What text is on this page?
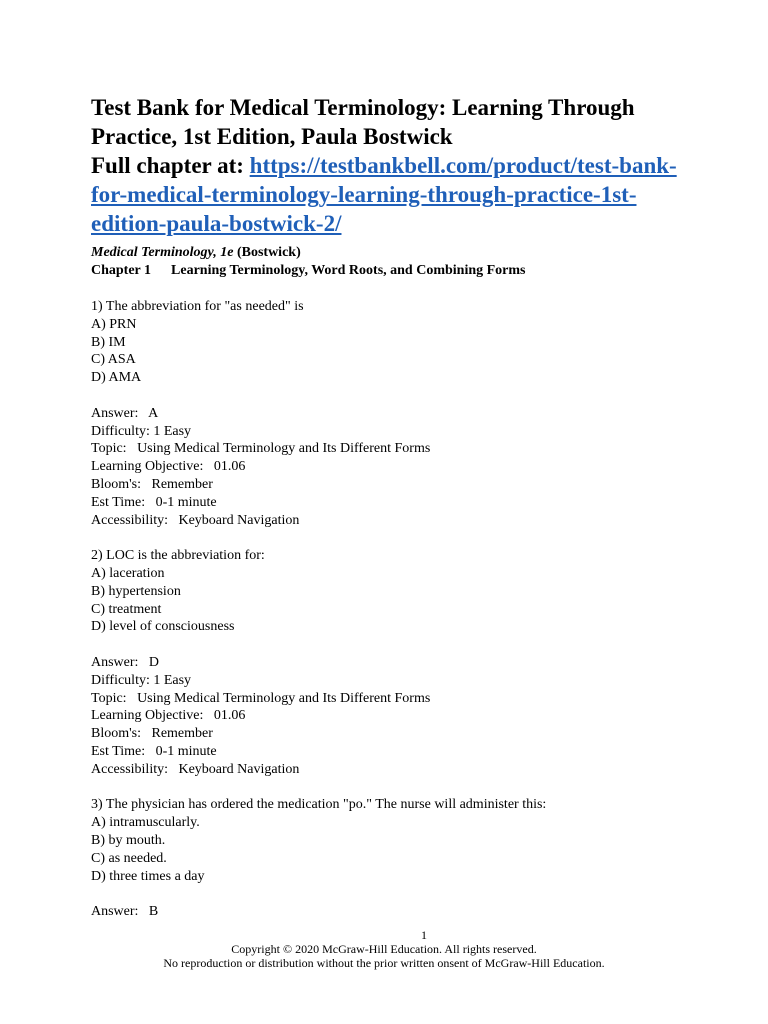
Test Bank for Medical Terminology: Learning Through
Practice, 1st Edition, Paula Bostwick
Full chapter at: https://testbankbell.com/product/test-bank-
for-medical-terminology-learning-through-practice-1st-
edition-paula-bostwick-2/
Medical Terminology, 1e (Bostwick)
Chapter 1 Learning Terminology, Word Roots, and Combining Forms
1) The abbreviation for "as needed" is
A) PRN
B) IM
C) ASA
D) AMA
Answer:   A
Difficulty: 1 Easy
Topic:   Using Medical Terminology and Its Different Forms
Learning Objective:   01.06
Bloom's:   Remember
Est Time:   0-1 minute
Accessibility:   Keyboard Navigation
2) LOC is the abbreviation for:
A) laceration
B) hypertension
C) treatment
D) level of consciousness
Answer:   D
Difficulty: 1 Easy
Topic:   Using Medical Terminology and Its Different Forms
Learning Objective:   01.06
Bloom's:   Remember
Est Time:   0-1 minute
Accessibility:   Keyboard Navigation
3) The physician has ordered the medication "po." The nurse will administer this:
A) intramuscularly.
B) by mouth.
C) as needed.
D) three times a day
Answer:   B
1
Copyright © 2020 McGraw-Hill Education. All rights reserved.
No reproduction or distribution without the prior written onsent of McGraw-Hill Education.
